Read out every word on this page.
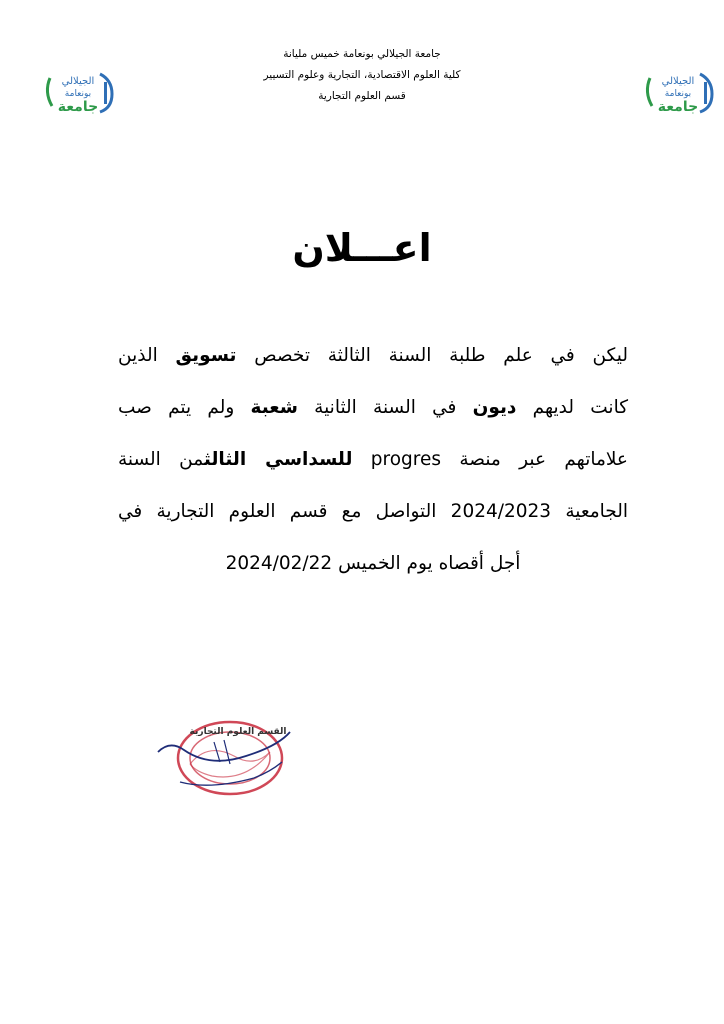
الجيلالي
بونعامة
جامعة
جامعة الجيلالي بونعامة خميس مليانة
كلية العلوم الاقتصادية، التجارية وعلوم التسيير
قسم العلوم التجارية
الجيلالي
بونعامة
جامعة
اعـــلان
ليكن في علم طلبة السنة الثالثة تخصص تسويق الذين
كانت لديهم ديون في السنة الثانية شعبة ولم يتم صب
علاماتهم عبر منصة progres للسداسي الثالثمن السنة
الجامعية 2024/2023 التواصل مع قسم العلوم التجارية في
أجل أقصاه يوم الخميس 2024/02/22
القسم العلوم التجارية
